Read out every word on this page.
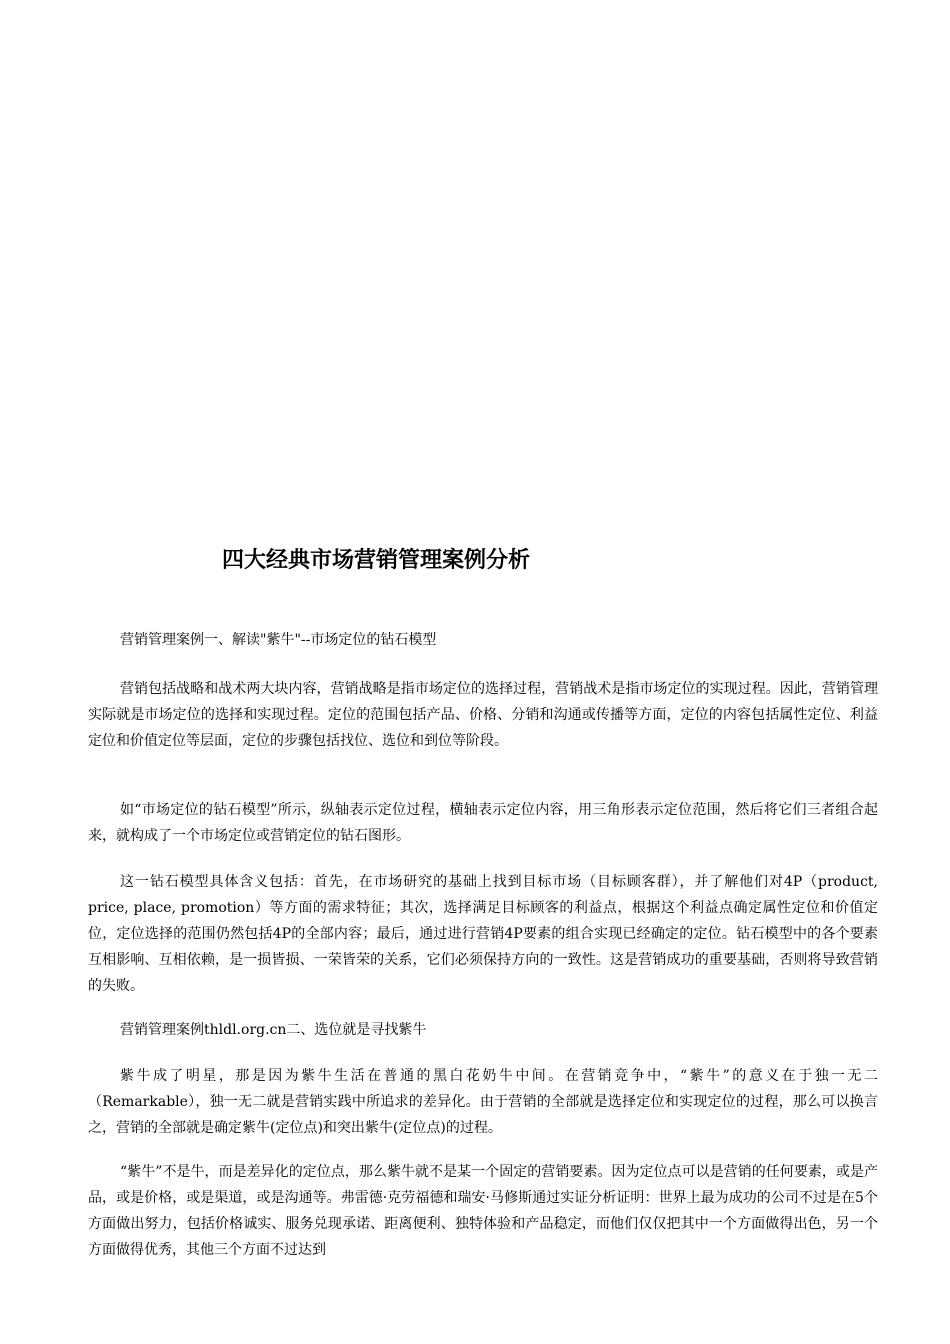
四大经典市场营销管理案例分析

营销管理案例一、解读"紫牛"--市场定位的钻石模型

营销包括战略和战术两大块内容，营销战略是指市场定位的选择过程，营销战术是指市场定位的实现过程。因此，营销管理实际就是市场定位的选择和实现过程。定位的范围包括产品、价格、分销和沟通或传播等方面，定位的内容包括属性定位、利益定位和价值定位等层面，定位的步骤包括找位、选位和到位等阶段。

如“市场定位的钻石模型”所示，纵轴表示定位过程，横轴表示定位内容，用三角形表示定位范围，然后将它们三者组合起来，就构成了一个市场定位或营销定位的钻石图形。

这一钻石模型具体含义包括：首先，在市场研究的基础上找到目标市场（目标顾客群），并了解他们对4P（product, price, place, promotion）等方面的需求特征；其次，选择满足目标顾客的利益点，根据这个利益点确定属性定位和价值定位，定位选择的范围仍然包括4P的全部内容；最后，通过进行营销4P要素的组合实现已经确定的定位。钻石模型中的各个要素互相影响、互相依赖，是一损皆损、一荣皆荣的关系，它们必须保持方向的一致性。这是营销成功的重要基础，否则将导致营销的失败。

营销管理案例thldl.org.cn二、选位就是寻找紫牛

紫牛成了明星，那是因为紫牛生活在普通的黑白花奶牛中间。在营销竞争中，“紫牛”的意义在于独一无二（Remarkable），独一无二就是营销实践中所追求的差异化。由于营销的全部就是选择定位和实现定位的过程，那么可以换言之，营销的全部就是确定紫牛(定位点)和突出紫牛(定位点)的过程。

“紫牛”不是牛，而是差异化的定位点，那么紫牛就不是某一个固定的营销要素。因为定位点可以是营销的任何要素，或是产品，或是价格，或是渠道，或是沟通等。弗雷德·克劳福德和瑞安·马修斯通过实证分析证明：世界上最为成功的公司不过是在5个方面做出努力，包括价格诚实、服务兑现承诺、距离便利、独特体验和产品稳定，而他们仅仅把其中一个方面做得出色，另一个方面做得优秀，其他三个方面不过达到
